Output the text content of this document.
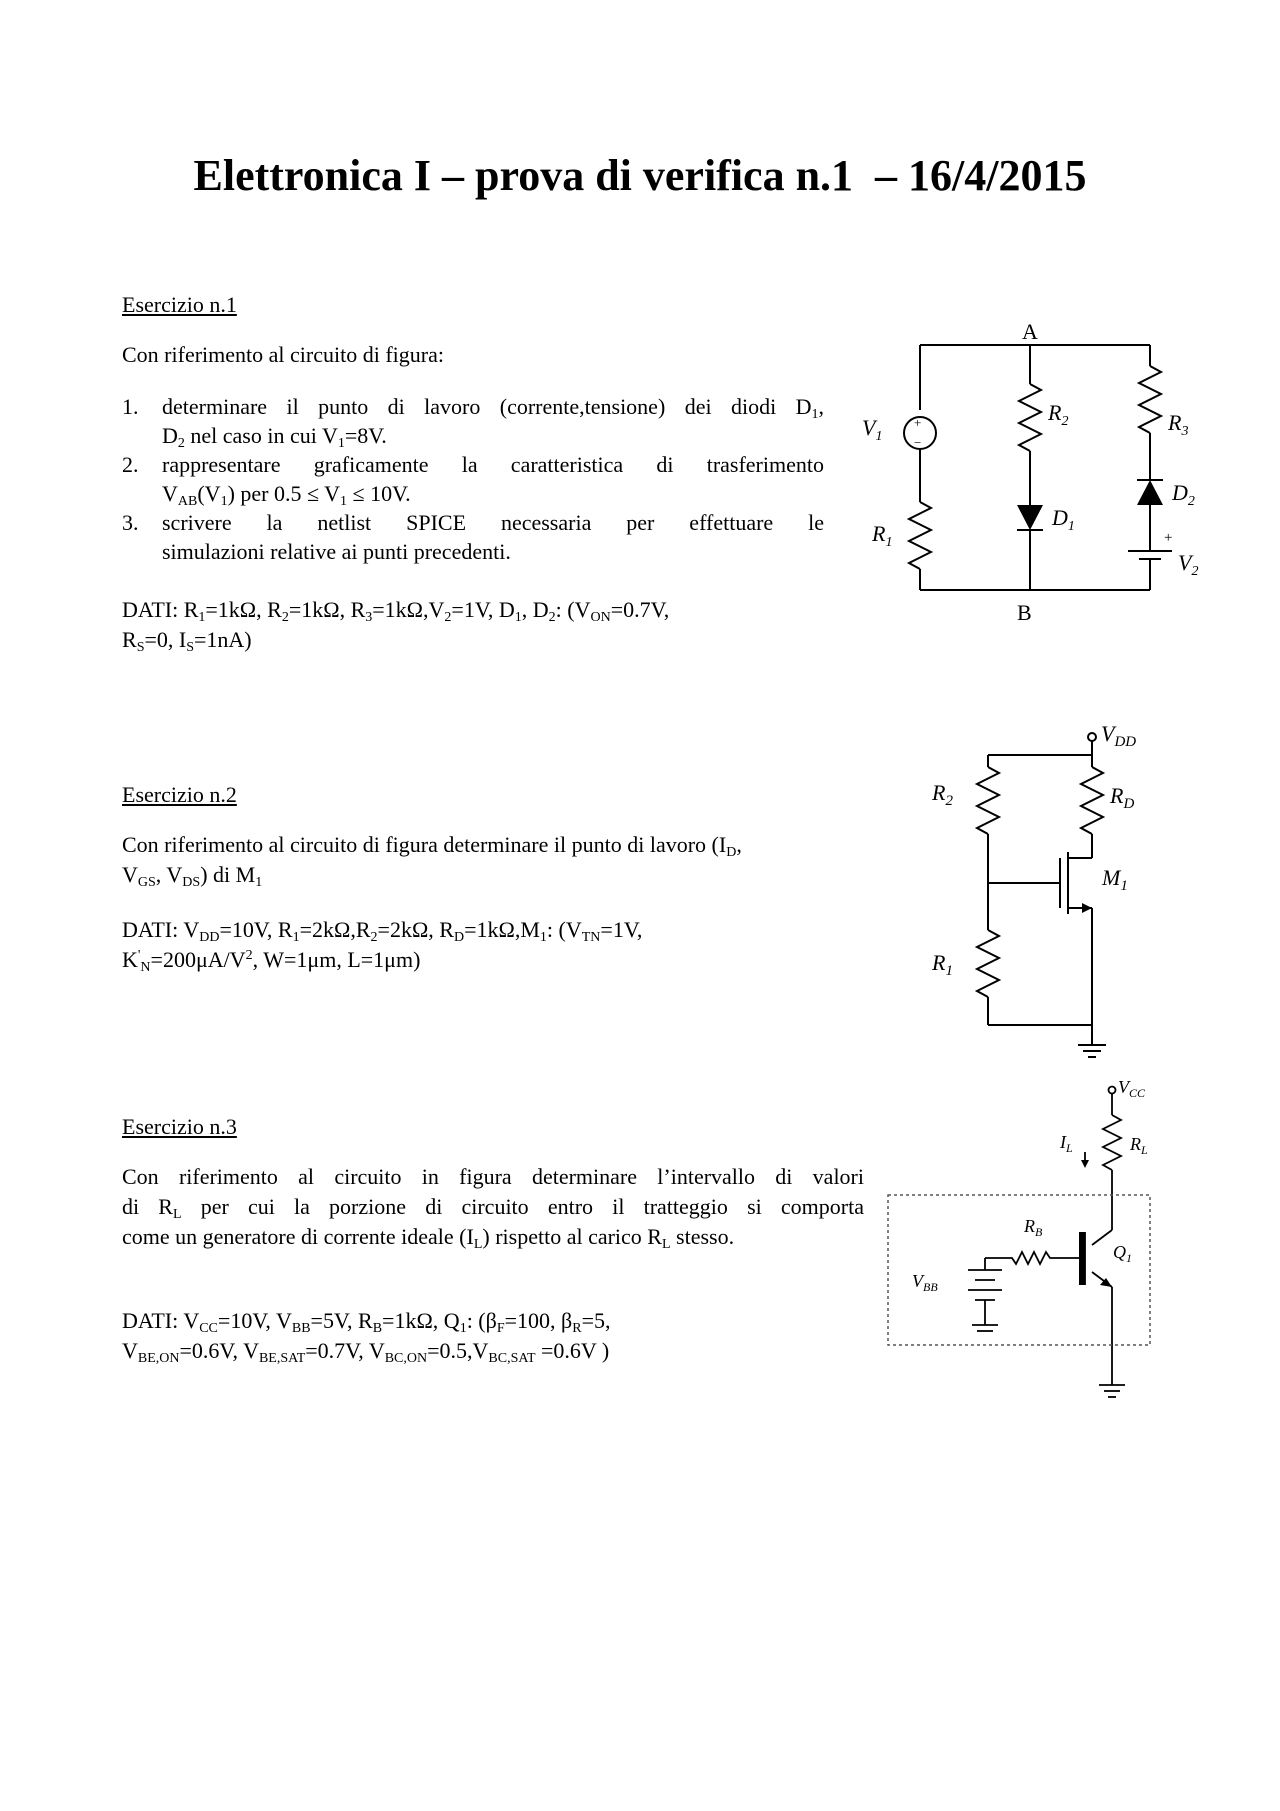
Elettronica I – prova di verifica n.1  – 16/4/2015
Esercizio n.1
Con riferimento al circuito di figura:
1. determinare il punto di lavoro (corrente,tensione) dei diodi $D_1$,
$D_2$ nel caso in cui $V_1=8V$.
2. rappresentare graficamente la caratteristica di trasferimento
$V_{AB}(V_1)$ per $0.5 \le V_1 \le 10V$.
3. scrivere la netlist SPICE necessaria per effettuare le
simulazioni relative ai punti precedenti.
DATI: $R_1=1k\Omega$, $R_2=1k\Omega$, $R_3=1k\Omega,V_2=1V$, $D_1$, $D_2$: ($V_{ON}=0.7V$,
$R_S=0$, $I_S=1nA$)
A
B
$V_1$
$R_1$
$R_2$	$R_3$
$D_1$
$D_2$
$V_2$
+
+
−
Esercizio n.2
Con riferimento al circuito di figura determinare il punto di lavoro ($I_D$,
$V_{GS}$, $V_{DS}$) di $M_1$
DATI: $V_{DD}=10V$, $R_1=2k\Omega,R_2=2k\Omega$, $R_D=1k\Omega,M_1$: ($V_{TN}=1V$,
$K'_N=200\mu A/V^2$, W=1μm, L=1μm)
$V_{DD}$
$R_2$	$R_D$
$M_1$
$R_1$
Esercizio n.3
Con riferimento al circuito in figura determinare l’intervallo di valori
di $R_L$ per cui la porzione di circuito entro il tratteggio si comporta
come un generatore di corrente ideale $(I_L)$ rispetto al carico $R_L$ stesso.
DATI: $V_{CC}=10V$, $V_{BB}=5V$, $R_B=1k\Omega$, $Q_1$: ($\beta_F=100$, $\beta_R=5$,
$V_{BE,ON}=0.6V$, $V_{BE,SAT}=0.7V$, $V_{BC,ON}=0.5,V_{BC,SAT} =0.6V$ )
$V_{CC}$
$I_L$	$R_L$
$R_B$
$Q_1$
$V_{BB}$
